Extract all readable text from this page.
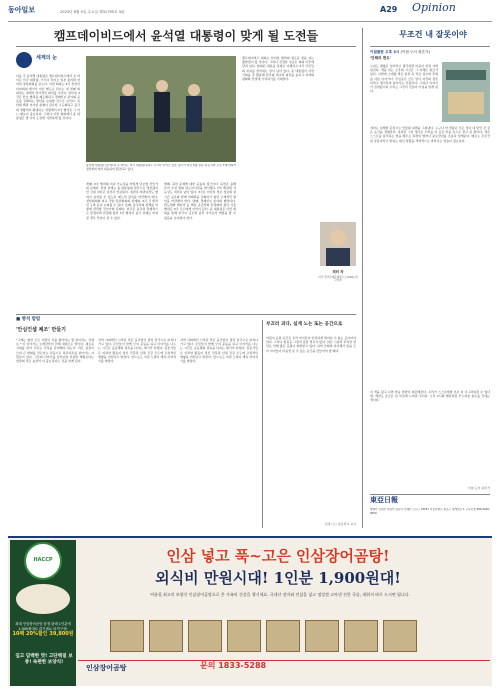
동아일보	2023년 8월 9일 수요일 제31795호 4판	A29 Opinion
캠프데이비드에서 윤석열 대통령이 맞게 될 도전들
세계의 눈
다음 주 윤석열 대통령은 캠프데이비드에서 조 바이든 미국 대통령, 기시다 후미오 일본 총리와 한미일 정상회의를 갖는다. 이번 회의는 3국 정상이 다자회의 계기가 아닌 별도로 만나는 첫 번째 회의라는 점에서 역사적인 의미를 가진다. 한미일 3국은 안보 협력을 제도화하고 경제안보 분야의 공조를 강화하는 방안을 논의할 것으로 보인다. 북한의 핵과 미사일 위협이 갈수록 고도화하고 중국의 영향력이 확대되는 상황에서 3국 협력은 그 어느 때보다 중요하다. 그러나 이번 회의에서 윤 대통령은 몇 가지 도전에 직면하게 될 것이다.
윤석열 대통령(오른쪽)과 조 바이든 미국 대통령(왼쪽), 기시다 후미오 일본 총리가 지난 5월 일본 히로시마 주요 7개국(G7) 정상회의 에서 회동하며 환담하고 있다.
첫째, 3국 협력의 지속 가능성을 어떻게 담보할 것인가의 문제다. 한일 관계는 윤 대통령의 결단으로 개선됐지만 국내 여론은 여전히 엇갈린다. 정권이 바뀌더라도 협력이 유지될 수 있도록 제도적 장치를 마련해야 한다. 정상회의와 외교 국방 장관회의의 정례화, 3국 간 핫라인 구축 등이 논의될 수 있다. 둘째, 중국과의 관계를 어떻게 관리할 것인가의 문제다. 한국은 중국과 경제적으로 밀접하게 연결돼 있어 3국 협력이 중국 견제로 비쳐질 경우 부담이 클 수 있다.
셋째, 북한 문제에 대한 공동의 접근이다. 북한은 올해 들어 수십 발의 탄도미사일을 발사했고 7차 핵실험 가능성도 여전히 남아 있다. 3국은 미사일 경보 정보의 실시간 공유와 함께 억제력을 강화하기 위한 구체적인 방안을 마련해야 한다. 넷째, 경제안보 분야의 협력이다. 반도체와 배터리 등 핵심 공급망의 안정화와 첨단 기술 협력은 3국 모두에게 이익이 된다. 윤 대통령은 이번 회의를 통해 한국이 글로벌 중추 국가로서 역할을 할 수 있음을 보여줘야 한다.
캠프데이비드 회의는 한미일 협력의 새로운 장을 여는 출발점이 될 것이다. 그러나 진정한 성공은 회의 이후에 달려 있다. 합의된 내용을 실제로 이행하고 3국 국민들의 지지를 얻어내는 일이 남아 있다. 윤 대통령이 이번 기회를 잘 활용해 한국의 외교적 위상을 높이고 지역의 평화와 안정에 기여하기를 기대한다.
빅터 차
미국 전략국제문제연구소(CSIS) 한국석좌
■ 병석 칼럼
'안심인셉 체조' 만들기
"그래는 항상 모든 사람이 사를 쥐어야는 할 일이라는 거예요." 이 이야기는 오래전부터 전해 내려오는 말이다. 새로운 시대를 맞아 우리는 무엇을 준비해야 하는가. 작은 실천이 모여 큰 변화를 만든다는 믿음으로 하루하루를 살아가는 사람들이 있다. 그들의 이야기를 들어보면 거창한 계획보다는 일상의 작은 습관이 더 중요하다는 것을 알게 된다.
지역 사회에서 시작된 작은 움직임이 점차 전국으로 퍼져나가고 있다. 주민들이 함께 모여 운동을 하고 이야기를 나누는 시간은 공동체의 결속을 다지는 계기가 되었다. 전문가들은 이러한 활동이 정신 건강과 신체 건강 모두에 긍정적인 영향을 미친다고 말한다. 앞으로도 이런 노력이 계속 이어지기를 바란다.
지역 사회에서 시작된 작은 움직임이 점차 전국으로 퍼져나가고 있다. 주민들이 함께 모여 운동을 하고 이야기를 나누는 시간은 공동체의 결속을 다지는 계기가 되었다. 전문가들은 이러한 활동이 정신 건강과 신체 건강 모두에 긍정적인 영향을 미친다고 말한다. 앞으로도 이런 노력이 계속 이어지기를 바란다.
부끄러 괴다, 실게 노는 또는 공간으로
어린이 공원 공간은 우리 아이들이 안전하게 뛰어놀 수 있는 곳이어야 한다. 그러나 현실은 그렇지 못한 경우가 많다. 낡은 시설과 부족한 관리로 인해 많은 공원이 외면받고 있다. 지역 사회와 지자체가 힘을 모아 아이들이 마음껏 놀 수 있는 공간을 만들어야 할 때다.
김정 ○○ 초등학교 교사
무조건 내 잘못이야
이럼봤한 오후 3시 (이철 도서 평론가)
'단테의 편도'
누워도 괜찮은 일이라고 생각하면 마음이 한결 가벼워진다. 책을 읽는 오후의 시간은 그 자체로 위로가 된다. 이번에 소개할 책은 일상 속 작은 실수와 후회를 다룬 이야기다. 주인공은 모든 일이 자신의 잘못이라고 생각하며 살아가는 인물이다. 그러나 이야기가 전개될수록 우리는 그것이 진실이 아님을 알게 된다.
저자는 섬세한 문장으로 인물의 내면을 그려낸다. 누구나 한 번쯤은 모든 것이 내 탓인 것 같은 순간을 경험한다. 하지만 그런 생각은 우리를 더 깊은 어둠 속으로 끌고 갈 뿐이다. 책은 스스로를 용서하는 법을 배우는 과정이 얼마나 중요한지를 조용히 일깨운다. 때로는 무조건 내 잘못이라고 말하는 대신 상황을 객관적으로 바라보는 연습이 필요하다.
이 책을 덮고 나면 마음 한편이 따뜻해진다. 우리가 스스로에게 조금 더 너그러워질 수 있다면, 세상도 조금은 덜 차갑게 느껴질 것이다. 오후 3시의 햇살처럼 부드러운 위로를 건네는 책이다.
이철 도서 평론가
東亞日報
발행인 김재호 편집인 김순덕 인쇄인 ○○○ 03187 서울특별시 종로구 청계천로 1 구독신청 080-2020-0000
HACCP
최대 인삼장어곰탕 한정 판매 1인분에 1,900원대로 즐기세요 파격구성!
10팩 20%할인 39,800원
깊고 담백한 맛! 고단백질 보충! 속편한 보양식!
인삼 넣고 푹~고은 인삼장어곰탕!
외식비 만원시대! 1인분 1,900원대!
여름철 최고의 보양식 인삼장어곰탕으로 온 가족의 건강을 챙기세요. 국내산 장어와 인삼을 넣고 정성껏 고아낸 진한 국물, 데워서 바로 드시면 됩니다.

인삼장어곰탕	문의 1833-5288
